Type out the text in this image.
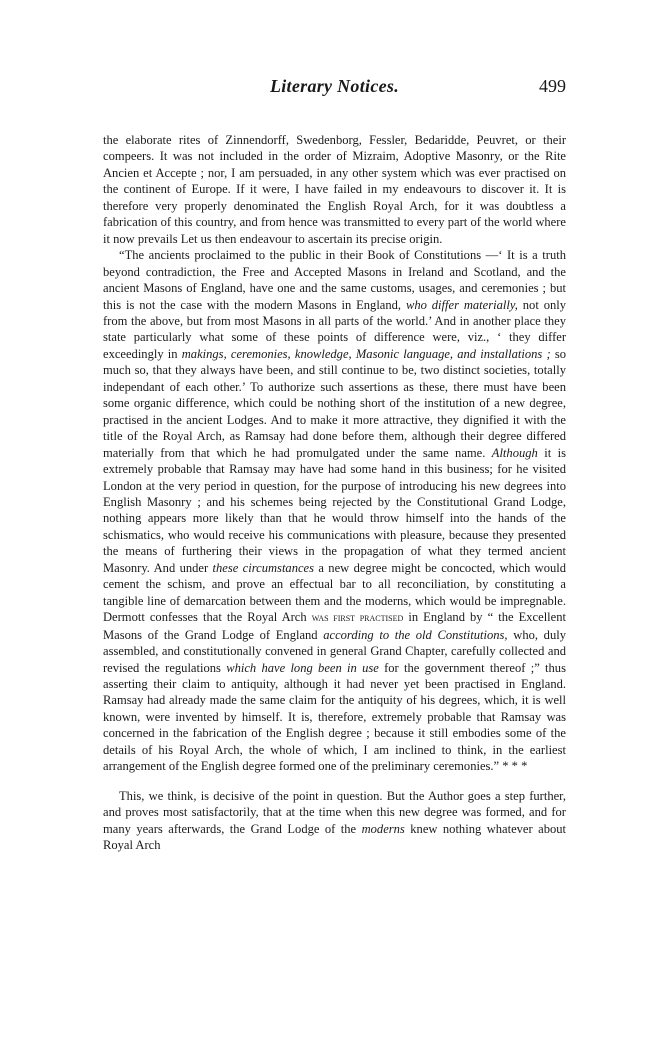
Literary Notices.	499

the elaborate rites of Zinnendorff, Swedenborg, Fessler, Bedaridde, Peuvret, or their compeers. It was not included in the order of Mizraim, Adoptive Masonry, or the Rite Ancien et Accepte ; nor, I am persuaded, in any other system which was ever practised on the continent of Europe. If it were, I have failed in my endeavours to discover it. It is therefore very properly denominated the English Royal Arch, for it was doubtless a fabrication of this country, and from hence was transmitted to every part of the world where it now prevails Let us then endeavour to ascertain its precise origin.

“The ancients proclaimed to the public in their Book of Constitutions —‘ It is a truth beyond contradiction, the Free and Accepted Masons in Ireland and Scotland, and the ancient Masons of England, have one and the same customs, usages, and ceremonies ; but this is not the case with the modern Masons in England, who differ materially, not only from the above, but from most Masons in all parts of the world.’ And in another place they state particularly what some of these points of difference were, viz., ‘ they differ exceedingly in makings, ceremonies, knowledge, Masonic language, and installations ; so much so, that they always have been, and still continue to be, two distinct societies, totally independant of each other.’ To authorize such assertions as these, there must have been some organic difference, which could be nothing short of the institution of a new degree, practised in the ancient Lodges. And to make it more attractive, they dignified it with the title of the Royal Arch, as Ramsay had done before them, although their degree differed materially from that which he had promulgated under the same name. Although it is extremely probable that Ramsay may have had some hand in this business; for he visited London at the very period in question, for the purpose of introducing his new degrees into English Masonry ; and his schemes being rejected by the Constitutional Grand Lodge, nothing appears more likely than that he would throw himself into the hands of the schismatics, who would receive his communications with pleasure, because they presented the means of furthering their views in the propagation of what they termed ancient Masonry. And under these circumstances a new degree might be concocted, which would cement the schism, and prove an effectual bar to all reconciliation, by constituting a tangible line of demarcation between them and the moderns, which would be impregnable. Dermott confesses that the Royal Arch was first practised in England by “ the Excellent Masons of the Grand Lodge of England according to the old Constitutions, who, duly assembled, and constitutionally convened in general Grand Chapter, carefully collected and revised the regulations which have long been in use for the government thereof ;” thus asserting their claim to antiquity, although it had never yet been practised in England. Ramsay had already made the same claim for the antiquity of his degrees, which, it is well known, were invented by himself. It is, therefore, extremely probable that Ramsay was concerned in the fabrication of the English degree ; because it still embodies some of the details of his Royal Arch, the whole of which, I am inclined to think, in the earliest arrangement of the English degree formed one of the preliminary ceremonies.” * * *

This, we think, is decisive of the point in question. But the Author goes a step further, and proves most satisfactorily, that at the time when this new degree was formed, and for many years afterwards, the Grand Lodge of the moderns knew nothing whatever about Royal Arch
